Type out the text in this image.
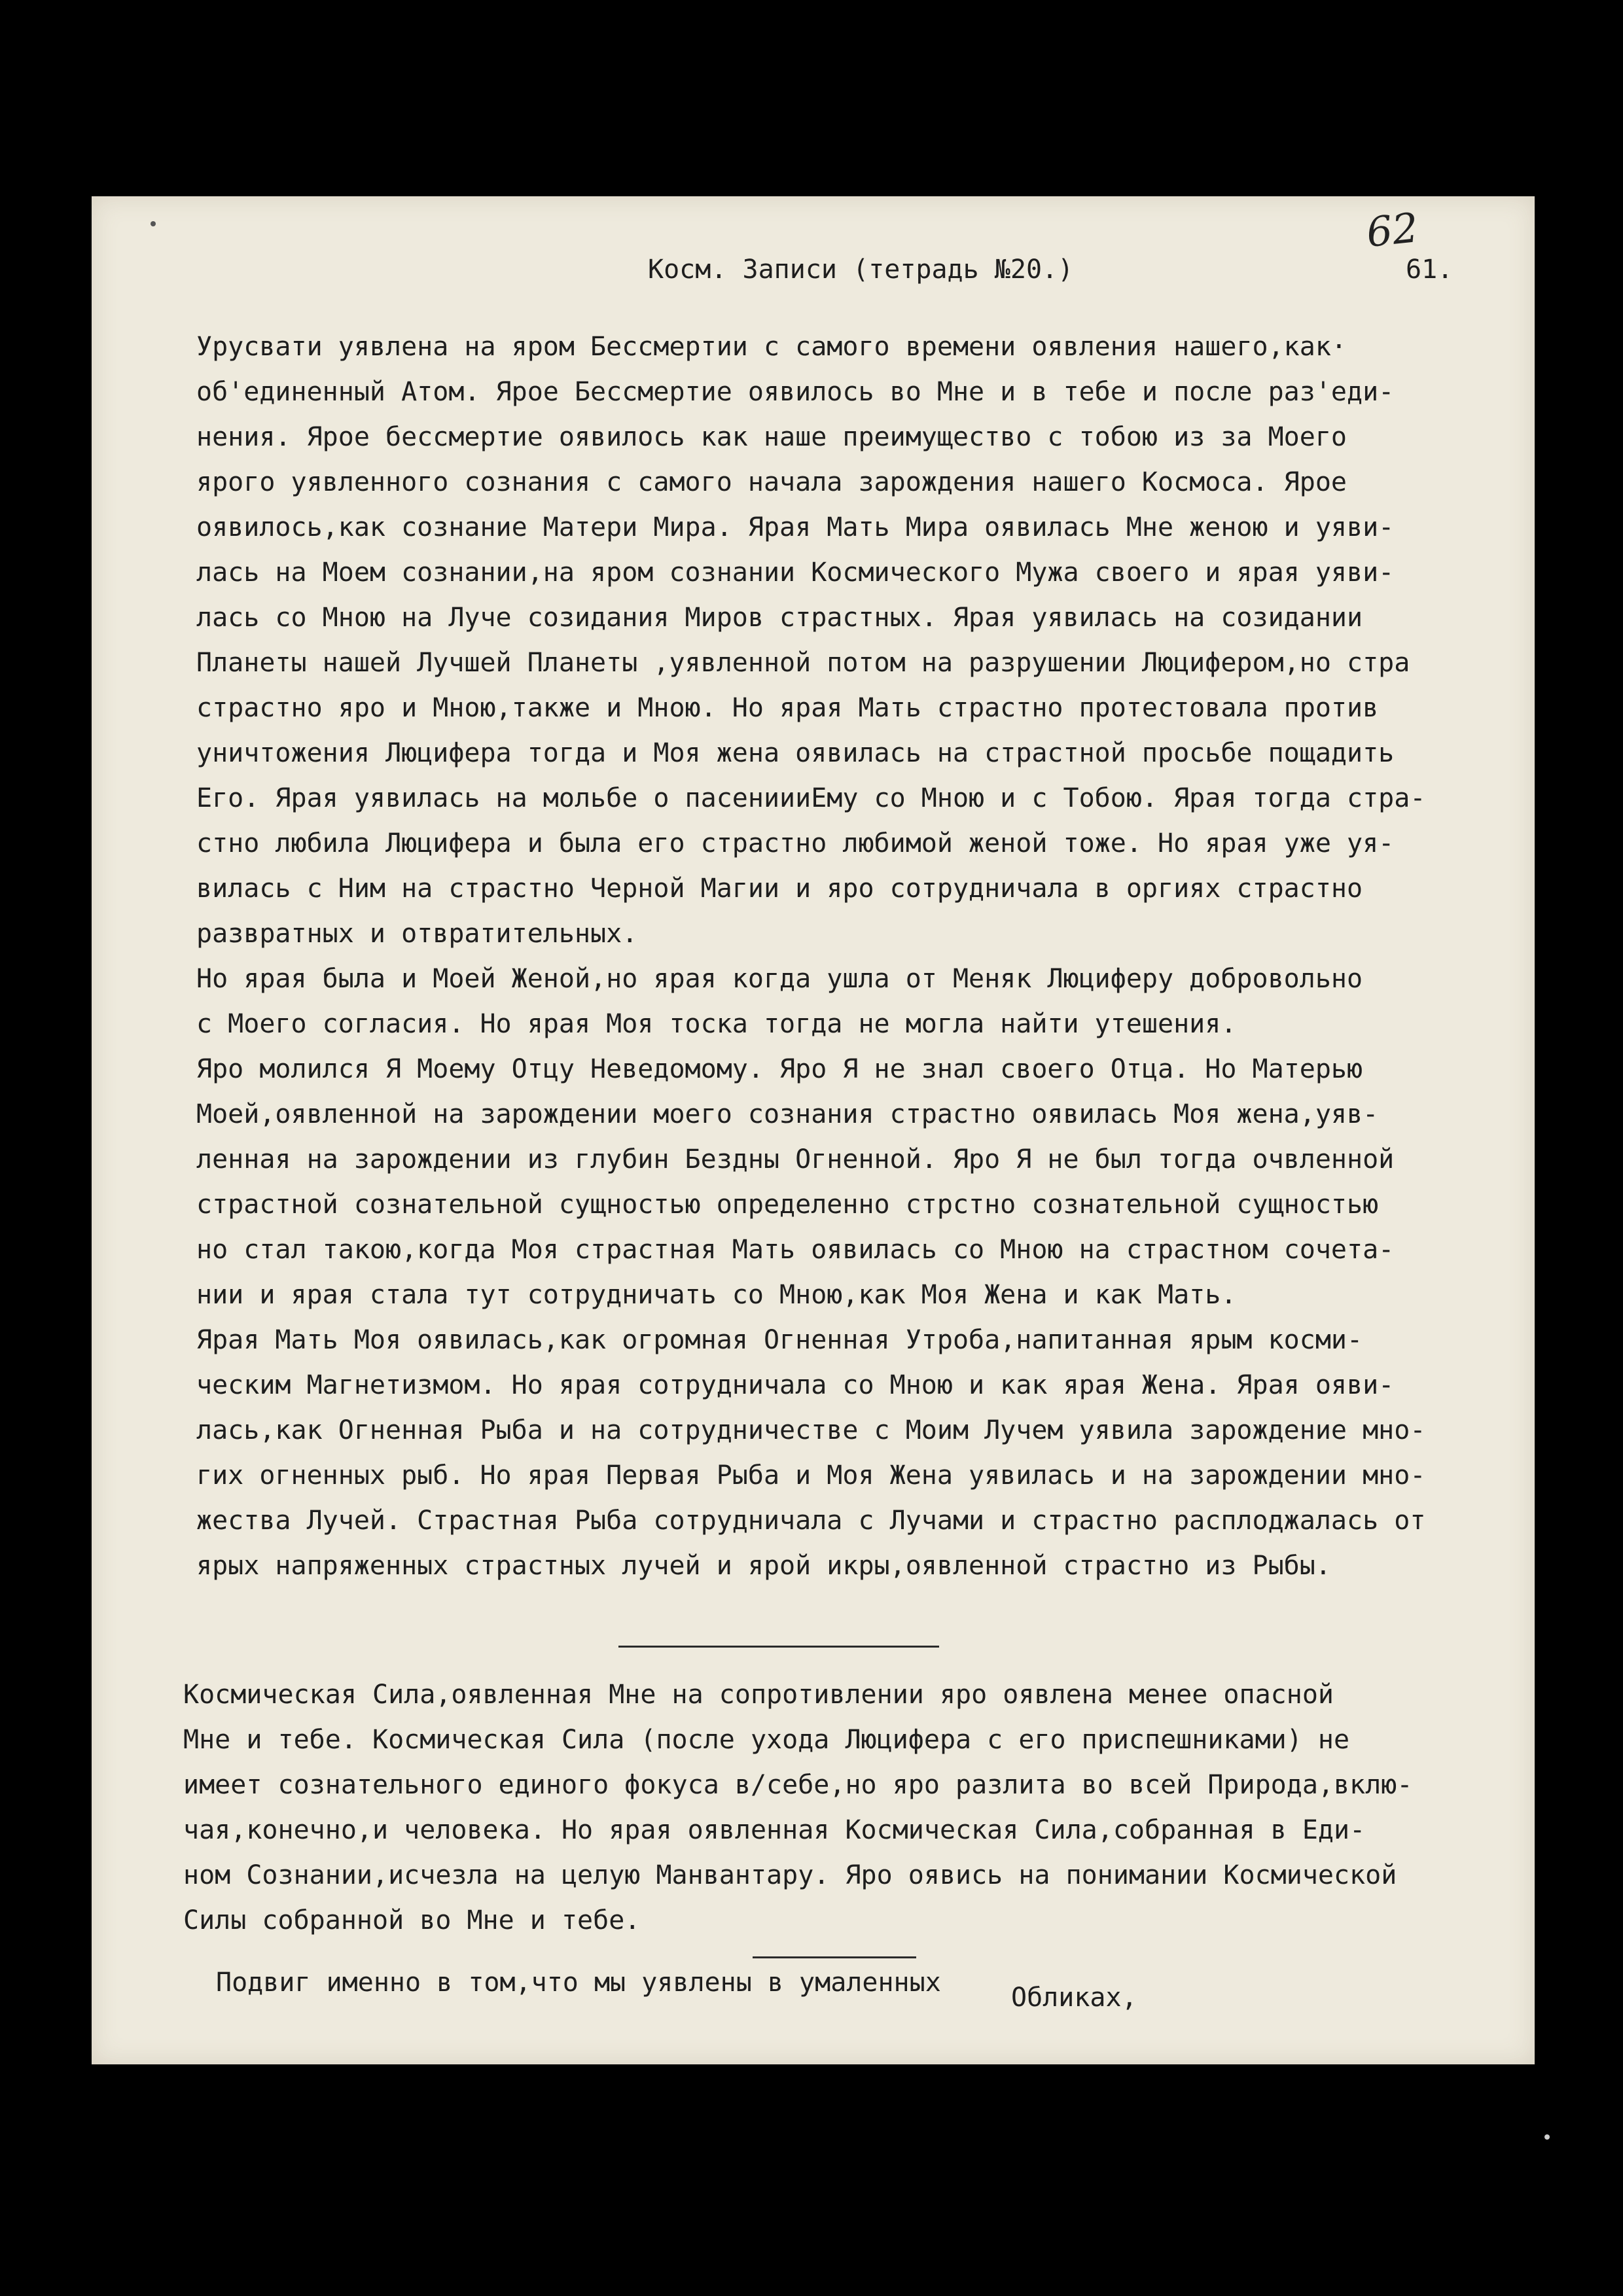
62
Косм. Записи (тетрадь №20.)	61.
Урусвати уявлена на яром Бессмертии с самого времени оявления нашего,как·
об'единенный Атом. Ярое Бессмертие оявилось во Мне и в тебе и после раз'еди-
нения. Ярое бессмертие оявилось как наше преимущество с тобою из за Моего
ярого уявленного сознания с самого начала зарождения нашего Космоса. Ярое
оявилось,как сознание Матери Мира. Ярая Мать Мира оявилась Мне женою и уяви-
лась на Моем сознании,на яром сознании Космического Мужа своего и ярая уяви-
лась со Мною на Луче созидания Миров страстных. Ярая уявилась на созидании
Планеты нашей Лучшей Планеты ,уявленной потом на разрушении Люцифером,но стра
страстно яро и Мною,также и Мною. Но ярая Мать страстно протестовала против
уничтожения Люцифера тогда и Моя жена оявилась на страстной просьбе пощадить
Его. Ярая уявилась на мольбе о пасениииЕму со Мною и с Тобою. Ярая тогда стра-
стно любила Люцифера и была его страстно любимой женой тоже. Но ярая уже уя-
вилась с Ним на страстно Черной Магии и яро сотрудничала в оргиях стрaстно
развратных и отвратительных.
Но ярая была и Моей Женой,но ярая когда ушла от Меняк Люциферу добровольно
с Моего согласия. Но ярая Моя тоска тогда не могла найти утешения.
Яро молился Я Моему Отцу Неведомому. Яро Я не знал своего Отца. Но Матерью
Моей,оявленной на зарождении моего сознания страстно оявилась Моя жена,уяв-
ленная на зарождении из глубин Бездны Огненной. Яро Я не был тогда очвленной
страстной сознательной сущностью определенно стрстно сознательной сущностью
но стал такою,когда Моя страстная Мать оявилась со Мною на страстном сочета-
нии и ярая стала тут сотрудничать со Мною,как Моя Жена и как Мать.
Ярая Мать Моя оявилась,как огромная Огненная Утроба,напитанная ярым косми-
ческим Магнетизмом. Но ярая сотрудничала со Мною и как ярая Жена. Ярая ояви-
лась,как Огненная Рыба и на сотрудничестве с Моим Лучем уявила зарождение мно-
гих огненных рыб. Но ярая Первая Рыба и Моя Жена уявилась и на зарождении мно-
жества Лучей. Страстная Рыба сотрудничала с Лучами и страстно расплоджалась от
ярых напряженных страстных лучей и ярой икры,оявленной страстно из Рыбы.
Космическая Сила,оявленная Мне на сопротивлении яро оявлена менее опасной
Мне и тебе. Космическая Сила (после ухода Люцифера с его приспешниками) не
имеет сознательного единого фокуса в/себе,но яро разлита во всей Природа,вклю-
чая,конечно,и человека. Но ярая оявленная Космическая Сила,собранная в Еди-
ном Сознании,исчезла на целую Манвантару. Яро оявись на понимании Космической
Силы собранной во Мне и тебе.
Подвиг именно в том,что мы уявлены в умаленных	Обликах,
